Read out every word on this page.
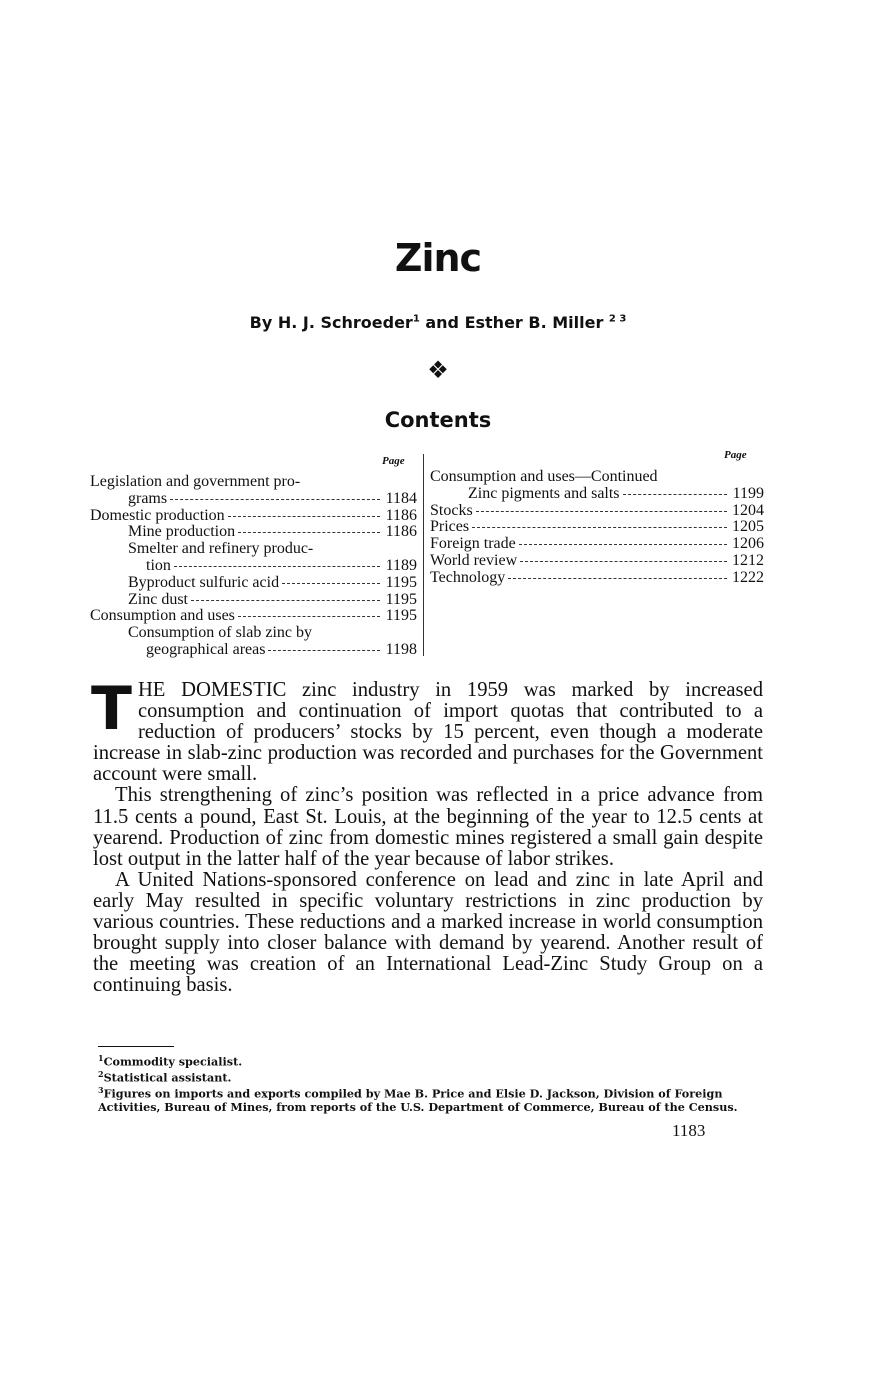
Zinc
By H. J. Schroeder$^1$ and Esther B. Miller $^{2 3}$
❖
Contents
Page
Legislation and government pro-
grams	1184
Domestic production	1186
Mine production	1186
Smelter and refinery produc-
tion	1189
Byproduct sulfuric acid	1195
Zinc dust	1195
Consumption and uses	1195
Consumption of slab zinc by
geographical areas	1198
Page
Consumption and uses—Continued
Zinc pigments and salts	1199
Stocks	1204
Prices	1205
Foreign trade	1206
World review	1212
Technology	1222

THE DOMESTIC zinc industry in 1959 was marked by increased consumption and continuation of import quotas that contributed to a reduction of producers’ stocks by 15 percent, even though a moderate increase in slab-zinc production was recorded and purchases for the Government account were small.

This strengthening of zinc’s position was reflected in a price advance from 11.5 cents a pound, East St. Louis, at the beginning of the year to 12.5 cents at yearend. Production of zinc from domestic mines registered a small gain despite lost output in the latter half of the year because of labor strikes.

A United Nations-sponsored conference on lead and zinc in late April and early May resulted in specific voluntary restrictions in zinc production by various countries. These reductions and a marked increase in world consumption brought supply into closer balance with demand by yearend. Another result of the meeting was creation of an International Lead-Zinc Study Group on a continuing basis.

$^1$Commodity specialist.
$^2$Statistical assistant.
$^3$Figures on imports and exports compiled by Mae B. Price and Elsie D. Jackson, Division of Foreign Activities, Bureau of Mines, from reports of the U.S. Department of Commerce, Bureau of the Census.
1183
